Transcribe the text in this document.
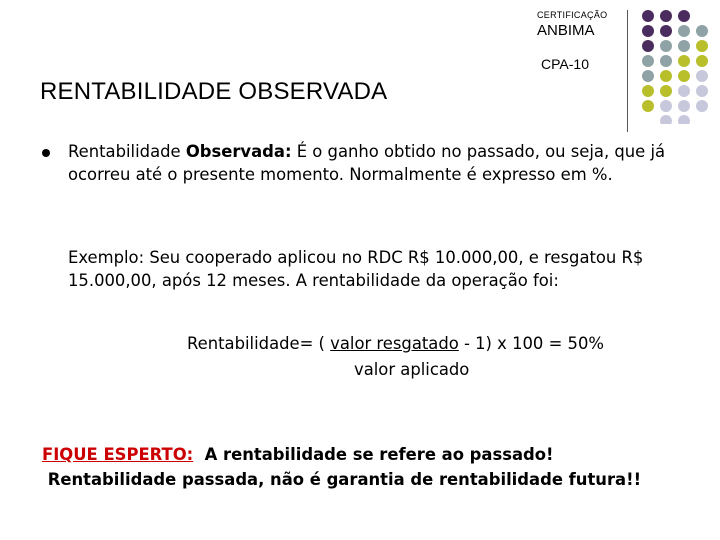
CERTIFICAÇÃO
ANBIMA
CPA-10
RENTABILIDADE OBSERVADA
Rentabilidade Observada: É o ganho obtido no passado, ou seja, que já ocorreu até o presente momento. Normalmente é expresso em %.
Exemplo: Seu cooperado aplicou no RDC R$ 10.000,00, e resgatou R$ 15.000,00, após 12 meses. A rentabilidade da operação foi:
Rentabilidade= ( valor resgatado - 1) x 100 = 50%
valor aplicado
FIQUE ESPERTO:  A rentabilidade se refere ao passado!
Rentabilidade passada, não é garantia de rentabilidade futura!!
